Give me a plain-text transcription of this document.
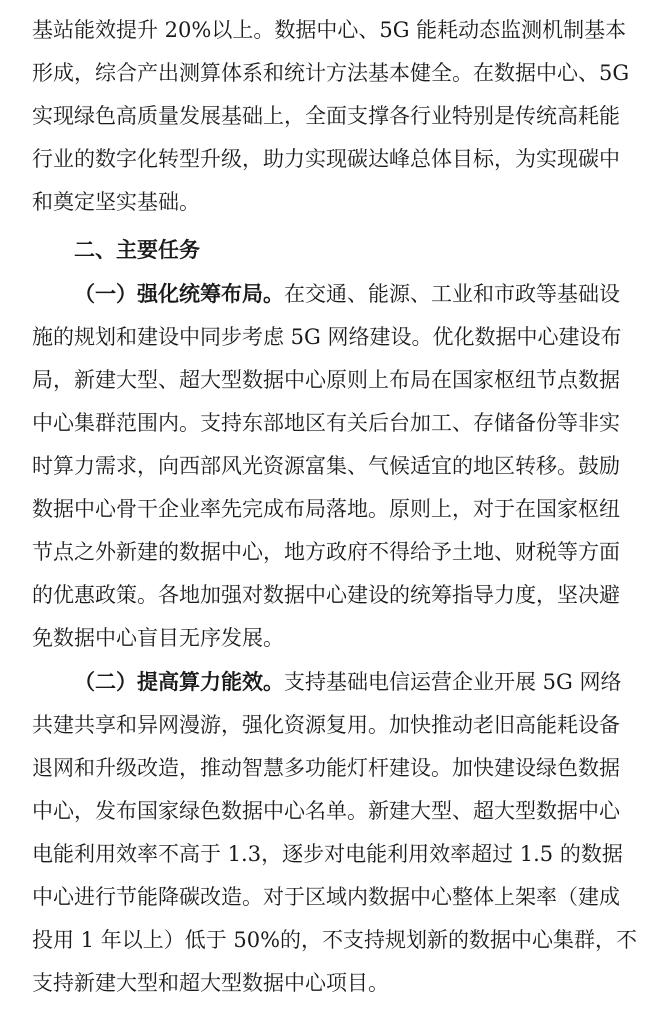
基站能效提升 20%以上。数据中心、5G 能耗动态监测机制基本
形成，综合产出测算体系和统计方法基本健全。在数据中心、5G
实现绿色高质量发展基础上，全面支撑各行业特别是传统高耗能
行业的数字化转型升级，助力实现碳达峰总体目标，为实现碳中
和奠定坚实基础。
二、主要任务
（一）强化统筹布局。在交通、能源、工业和市政等基础设
施的规划和建设中同步考虑 5G 网络建设。优化数据中心建设布
局，新建大型、超大型数据中心原则上布局在国家枢纽节点数据
中心集群范围内。支持东部地区有关后台加工、存储备份等非实
时算力需求，向西部风光资源富集、气候适宜的地区转移。鼓励
数据中心骨干企业率先完成布局落地。原则上，对于在国家枢纽
节点之外新建的数据中心，地方政府不得给予土地、财税等方面
的优惠政策。各地加强对数据中心建设的统筹指导力度，坚决避
免数据中心盲目无序发展。
（二）提高算力能效。支持基础电信运营企业开展 5G 网络
共建共享和异网漫游，强化资源复用。加快推动老旧高能耗设备
退网和升级改造，推动智慧多功能灯杆建设。加快建设绿色数据
中心，发布国家绿色数据中心名单。新建大型、超大型数据中心
电能利用效率不高于 1.3，逐步对电能利用效率超过 1.5 的数据
中心进行节能降碳改造。对于区域内数据中心整体上架率（建成
投用 1 年以上）低于 50%的，不支持规划新的数据中心集群，不
支持新建大型和超大型数据中心项目。
